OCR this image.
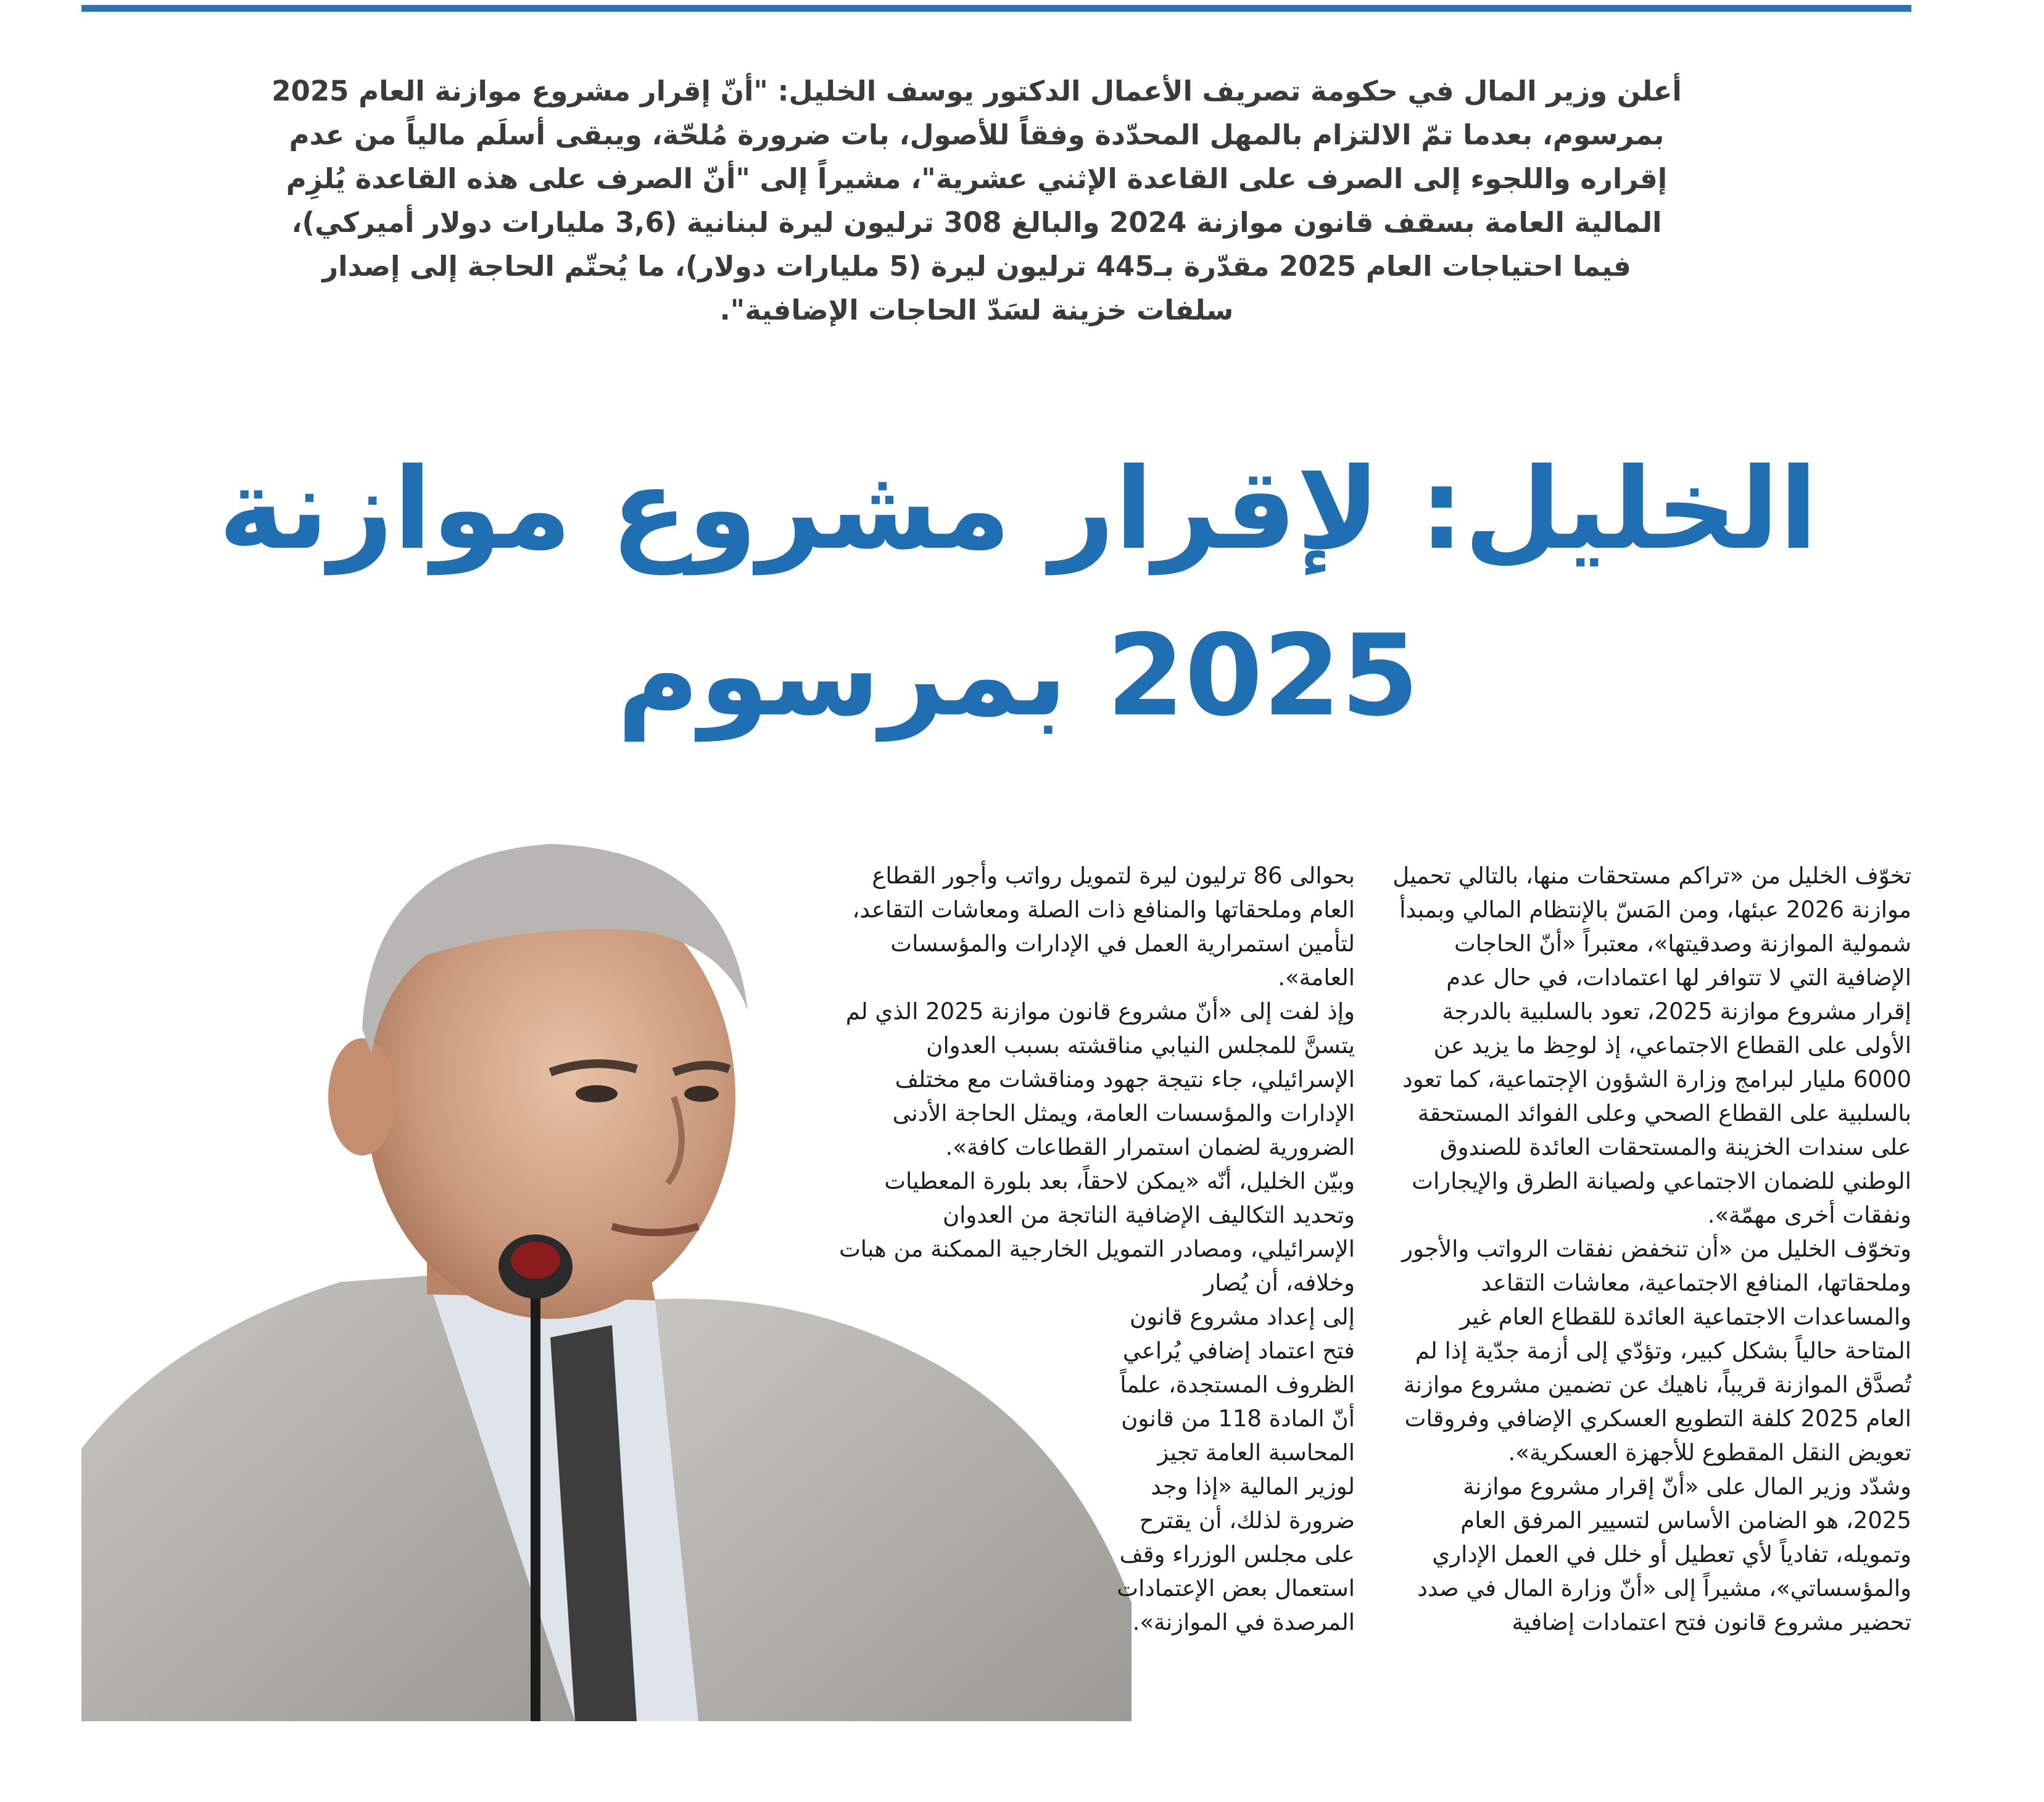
أعلن وزير المال في حكومة تصريف الأعمال الدكتور يوسف الخليل: "أنّ إقرار مشروع موازنة العام 2025 بمرسوم، بعدما تمّ الالتزام بالمهل المحدّدة وفقاً للأصول، بات ضرورة مُلحّة، ويبقى أسلَم مالياً من عدم إقراره واللجوء إلى الصرف على القاعدة الإثني عشرية"، مشيراً إلى "أنّ الصرف على هذه القاعدة يُلزِم المالية العامة بسقف قانون موازنة 2024 والبالغ 308 ترليون ليرة لبنانية (3,6 مليارات دولار أميركي)، فيما احتياجات العام 2025 مقدّرة بـ445 ترليون ليرة (5 مليارات دولار)، ما يُحتّم الحاجة إلى إصدار سلفات خزينة لسَدّ الحاجات الإضافية".

الخليل: لإقرار مشروع موازنة
2025 بمرسوم

تخوّف الخليل من «تراكم مستحقات منها، بالتالي تحميل موازنة 2026 عبئها، ومن المَسّ بالإنتظام المالي وبمبدأ شمولية الموازنة وصدقيتها»، معتبراً «أنّ الحاجات الإضافية التي لا تتوافر لها اعتمادات، في حال عدم إقرار مشروع موازنة 2025، تعود بالسلبية بالدرجة الأولى على القطاع الاجتماعي، إذ لوحِظ ما يزيد عن 6000 مليار لبرامج وزارة الشؤون الإجتماعية، كما تعود بالسلبية على القطاع الصحي وعلى الفوائد المستحقة على سندات الخزينة والمستحقات العائدة للصندوق الوطني للضمان الاجتماعي ولصيانة الطرق والإيجارات ونفقات أخرى مهمّة».

وتخوّف الخليل من «أن تنخفض نفقات الرواتب والأجور وملحقاتها، المنافع الاجتماعية، معاشات التقاعد والمساعدات الاجتماعية العائدة للقطاع العام غير المتاحة حالياً بشكل كبير، وتؤدّي إلى أزمة جدّية إذا لم تُصدَّق الموازنة قريباً، ناهيك عن تضمين مشروع موازنة العام 2025 كلفة التطويع العسكري الإضافي وفروقات تعويض النقل المقطوع للأجهزة العسكرية».

وشدّد وزير المال على «أنّ إقرار مشروع موازنة 2025، هو الضامن الأساس لتسيير المرفق العام وتمويله، تفادياً لأي تعطيل أو خلل في العمل الإداري والمؤسساتي»، مشيراً إلى «أنّ وزارة المال في صدد تحضير مشروع قانون فتح اعتمادات إضافية

بحوالى 86 ترليون ليرة لتمويل رواتب وأجور القطاع العام وملحقاتها والمنافع ذات الصلة ومعاشات التقاعد، لتأمين استمرارية العمل في الإدارات والمؤسسات العامة».

وإذ لفت إلى «أنّ مشروع قانون موازنة 2025 الذي لم يتسنَّ للمجلس النيابي مناقشته بسبب العدوان الإسرائيلي، جاء نتيجة جهود ومناقشات مع مختلف الإدارات والمؤسسات العامة، ويمثل الحاجة الأدنى الضرورية لضمان استمرار القطاعات كافة».

وبيّن الخليل، أنّه «يمكن لاحقاً، بعد بلورة المعطيات وتحديد التكاليف الإضافية الناتجة من العدوان الإسرائيلي، ومصادر التمويل الخارجية الممكنة من هبات وخلافه، أن يُصار

إلى إعداد مشروع قانون فتح اعتماد إضافي يُراعي الظروف المستجدة، علماً أنّ المادة 118 من قانون المحاسبة العامة تجيز لوزير المالية «إذا وجد ضرورة لذلك، أن يقترح على مجلس الوزراء وقف استعمال بعض الإعتمادات المرصدة في الموازنة».
